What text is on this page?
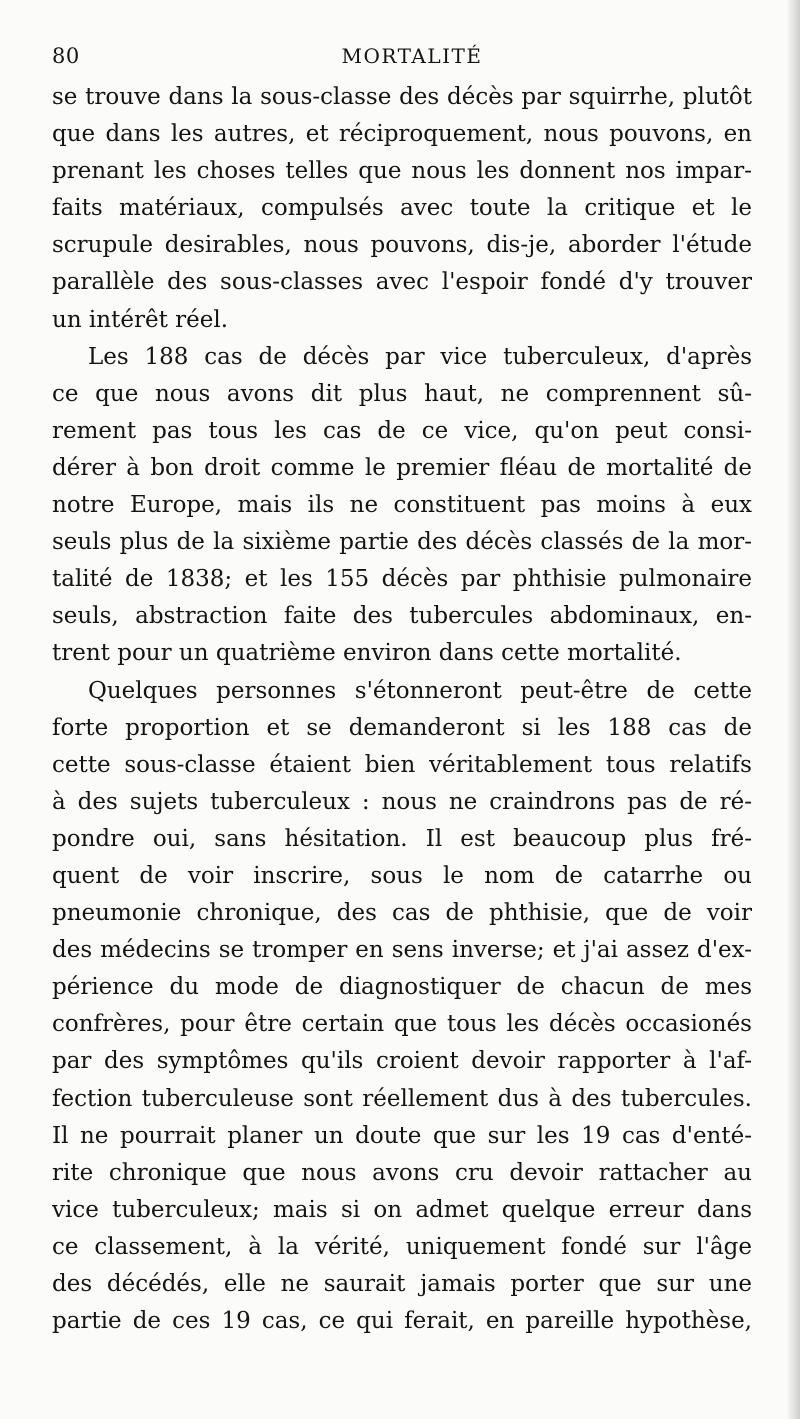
80	MORTALITÉ
se trouve dans la sous-classe des décès par squirrhe, plutôt
que dans les autres, et réciproquement, nous pouvons, en
prenant les choses telles que nous les donnent nos impar-
faits matériaux, compulsés avec toute la critique et le
scrupule desirables, nous pouvons, dis-je, aborder l'étude
parallèle des sous-classes avec l'espoir fondé d'y trouver
un intérêt réel.
Les 188 cas de décès par vice tuberculeux, d'après
ce que nous avons dit plus haut, ne comprennent sû-
rement pas tous les cas de ce vice, qu'on peut consi-
dérer à bon droit comme le premier fléau de mortalité de
notre Europe, mais ils ne constituent pas moins à eux
seuls plus de la sixième partie des décès classés de la mor-
talité de 1838; et les 155 décès par phthisie pulmonaire
seuls, abstraction faite des tubercules abdominaux, en-
trent pour un quatrième environ dans cette mortalité.
Quelques personnes s'étonneront peut-être de cette
forte proportion et se demanderont si les 188 cas de
cette sous-classe étaient bien véritablement tous relatifs
à des sujets tuberculeux : nous ne craindrons pas de ré-
pondre oui, sans hésitation. Il est beaucoup plus fré-
quent de voir inscrire, sous le nom de catarrhe ou
pneumonie chronique, des cas de phthisie, que de voir
des médecins se tromper en sens inverse; et j'ai assez d'ex-
périence du mode de diagnostiquer de chacun de mes
confrères, pour être certain que tous les décès occasionés
par des symptômes qu'ils croient devoir rapporter à l'af-
fection tuberculeuse sont réellement dus à des tubercules.
Il ne pourrait planer un doute que sur les 19 cas d'enté-
rite chronique que nous avons cru devoir rattacher au
vice tuberculeux; mais si on admet quelque erreur dans
ce classement, à la vérité, uniquement fondé sur l'âge
des décédés, elle ne saurait jamais porter que sur une
partie de ces 19 cas, ce qui ferait, en pareille hypothèse,
